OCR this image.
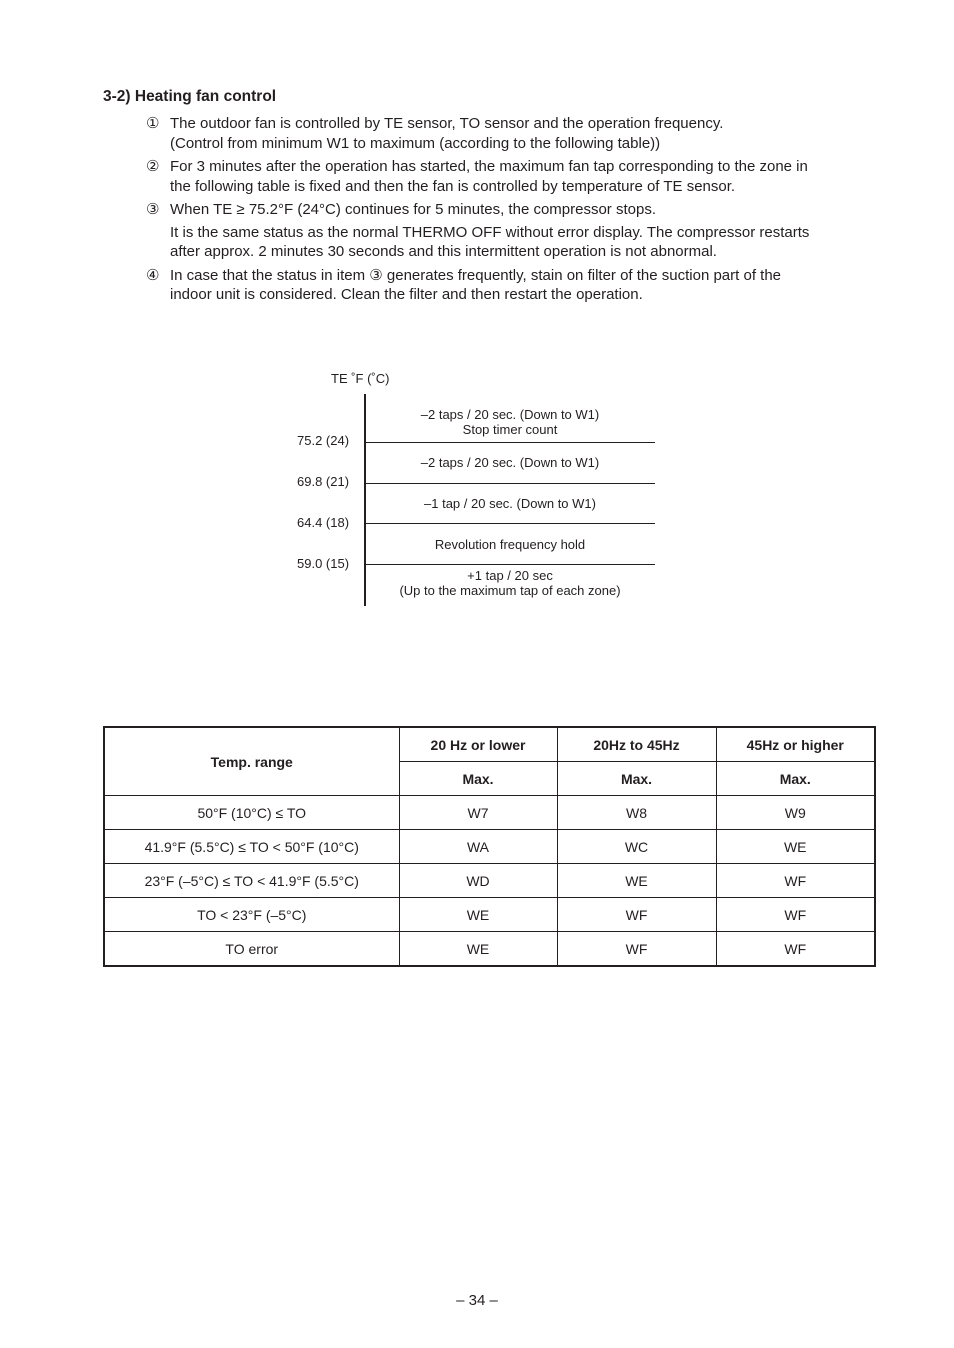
3-2) Heating fan control
① The outdoor fan is controlled by TE sensor, TO sensor and the operation frequency.
(Control from minimum W1 to maximum (according to the following table))
② For 3 minutes after the operation has started, the maximum fan tap corresponding to the zone in
the following table is fixed and then the fan is controlled by temperature of TE sensor.
③ When TE ≥ 75.2°F (24°C) continues for 5 minutes, the compressor stops.
It is the same status as the normal THERMO OFF without error display. The compressor restarts
after approx. 2 minutes 30 seconds and this intermittent operation is not abnormal.
④ In case that the status in item ③ generates frequently, stain on filter of the suction part of the
indoor unit is considered. Clean the filter and then restart the operation.
TE ˚F (˚C)
75.2 (24)
69.8 (21)
64.4 (18)
59.0 (15)
–2 taps / 20 sec. (Down to W1)
Stop timer count
–2 taps / 20 sec. (Down to W1)
–1 tap / 20 sec. (Down to W1)
Revolution frequency hold
+1 tap / 20 sec
(Up to the maximum tap of each zone)
Temp. range	20 Hz or lower	20Hz to 45Hz	45Hz or higher
	Max.	Max.	Max.
50°F (10°C) ≤ TO	W7	W8	W9
41.9°F (5.5°C) ≤ TO < 50°F (10°C)	WA	WC	WE
23°F (–5°C) ≤ TO < 41.9°F (5.5°C)	WD	WE	WF
TO < 23°F (–5°C)	WE	WF	WF
TO error	WE	WF	WF
– 34 –
